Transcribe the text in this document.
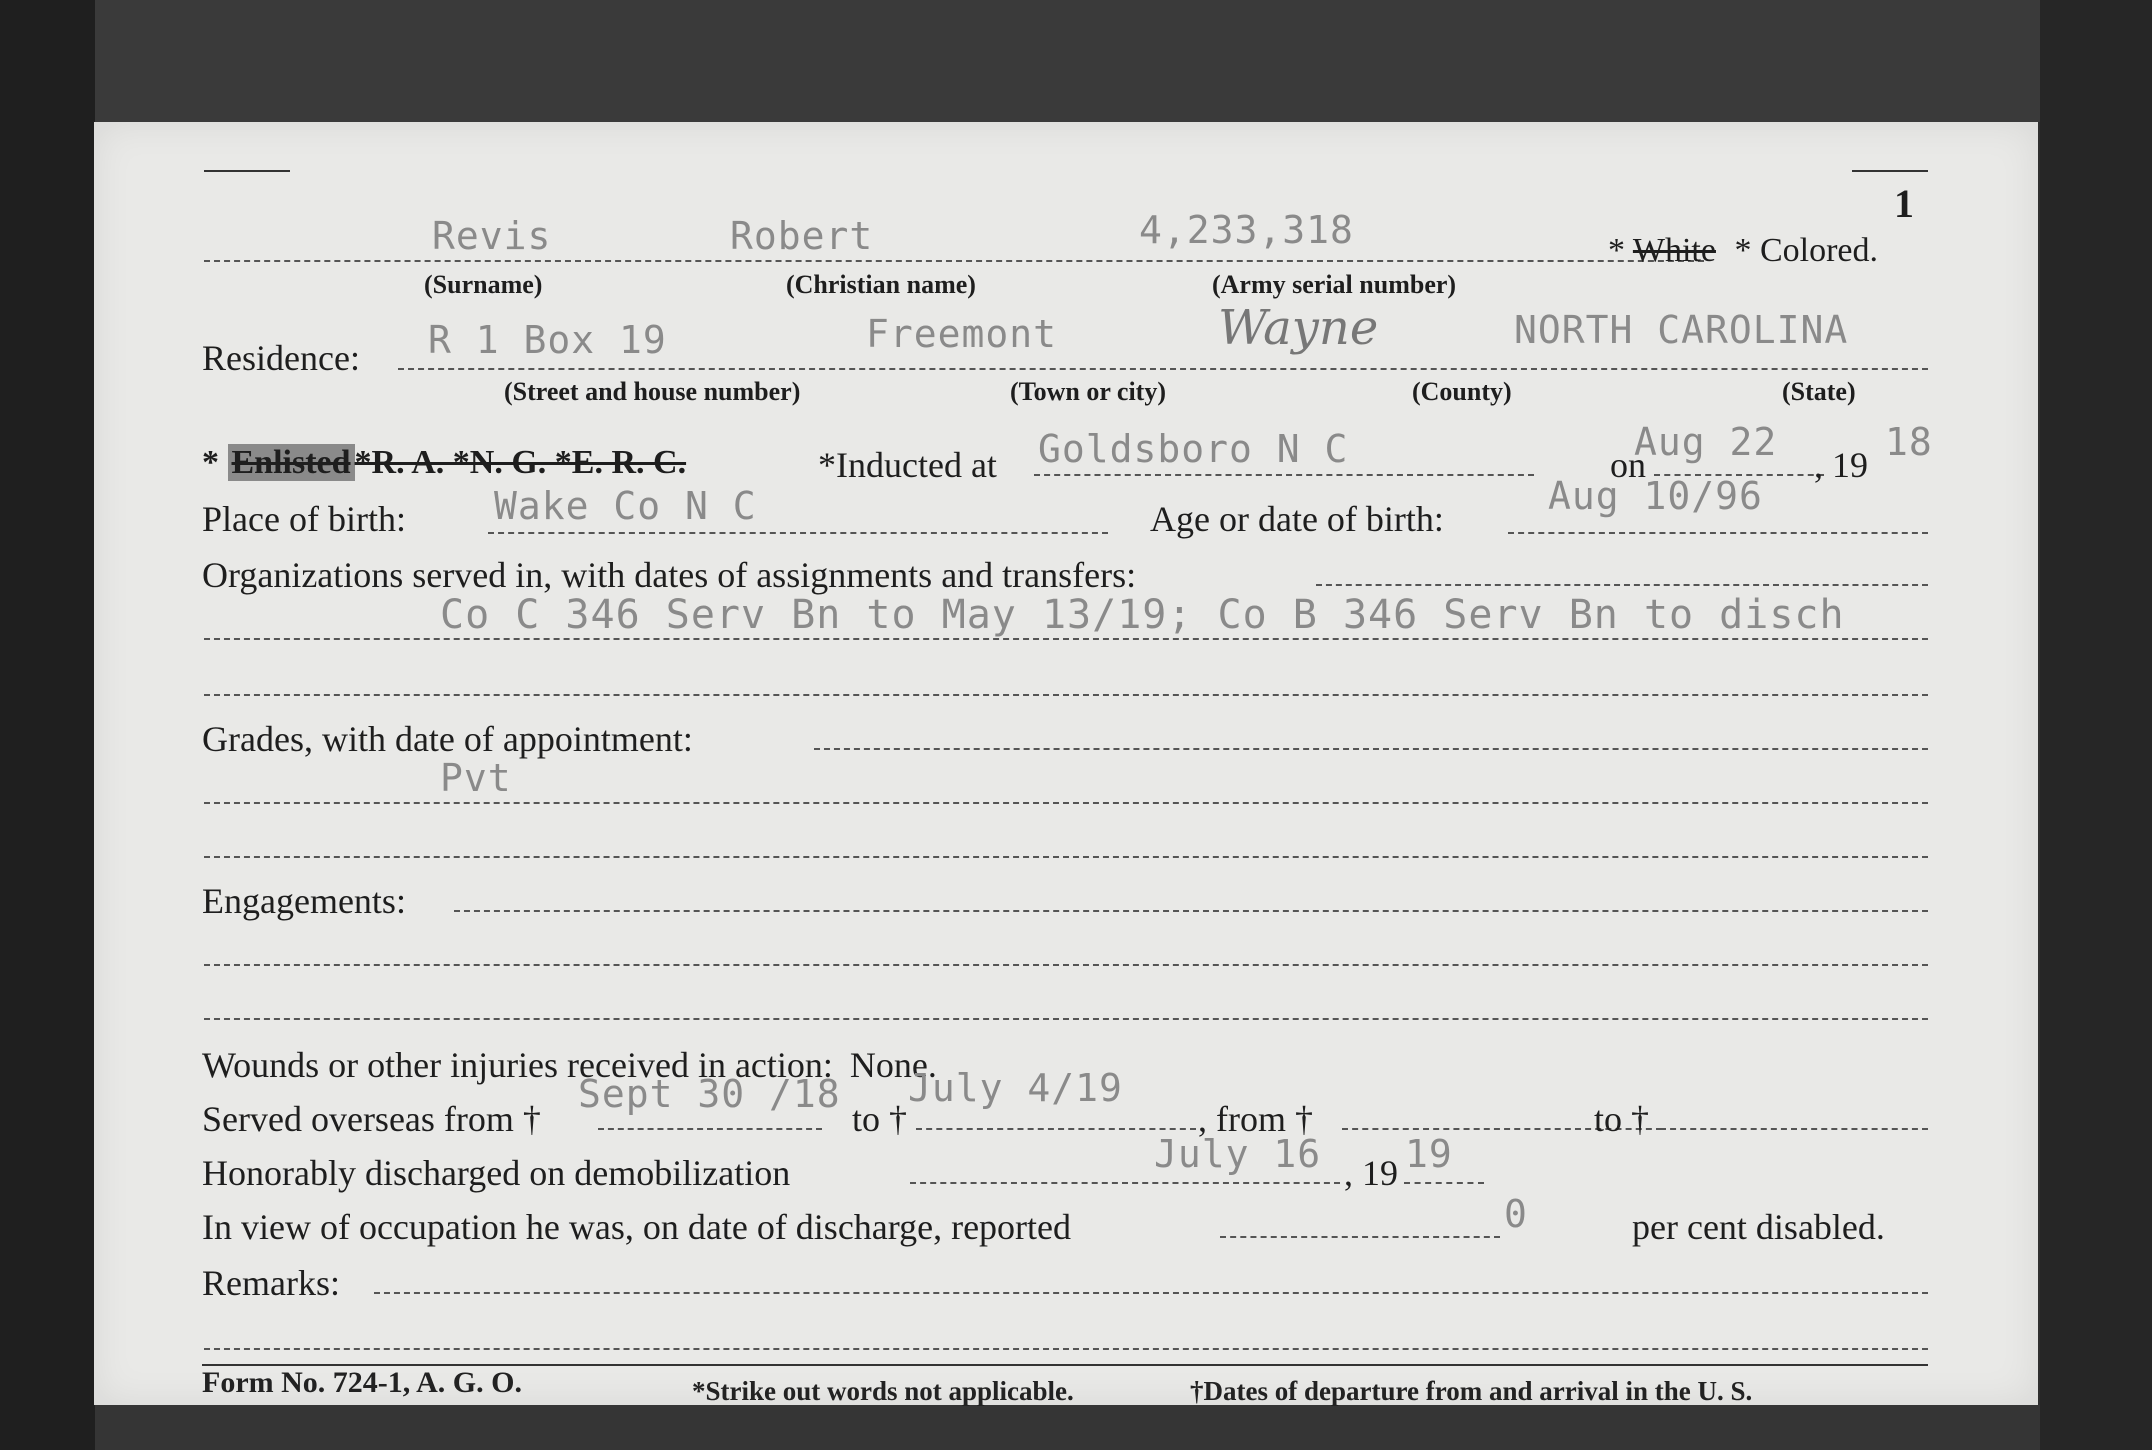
1
Revis	Robert	4,233,318	* White * Colored.
(Surname)	(Christian name)	(Army serial number)
Residence: R 1 Box 19	Freemont	Wayne	NORTH CAROLINA
(Street and house number)	(Town or city)	(County)	(State)
* Enlisted *R. A. *N. G. *E. R. C.	*Inducted at Goldsboro N C	on
Aug 22
, 19
18
Place of birth: Wake Co N C	Age or date of birth:
Aug 10/96
Organizations served in, with dates of assignments and transfers:
Co C 346 Serv Bn to May 13/19; Co B 346 Serv Bn to disch
Grades, with date of appointment:
Pvt
Engagements:
Wounds or other injuries received in action: None.
Served overseas from †
Sept 30 /18
to †
July 4/19
, from †	to †
Honorably discharged on demobilization	July 16 , 19 19
In view of occupation he was, on date of discharge, reported	0	per cent disabled.
Remarks:
Form No. 724-1, A. G. O.	*Strike out words not applicable.	†Dates of departure from and arrival in the U. S.
